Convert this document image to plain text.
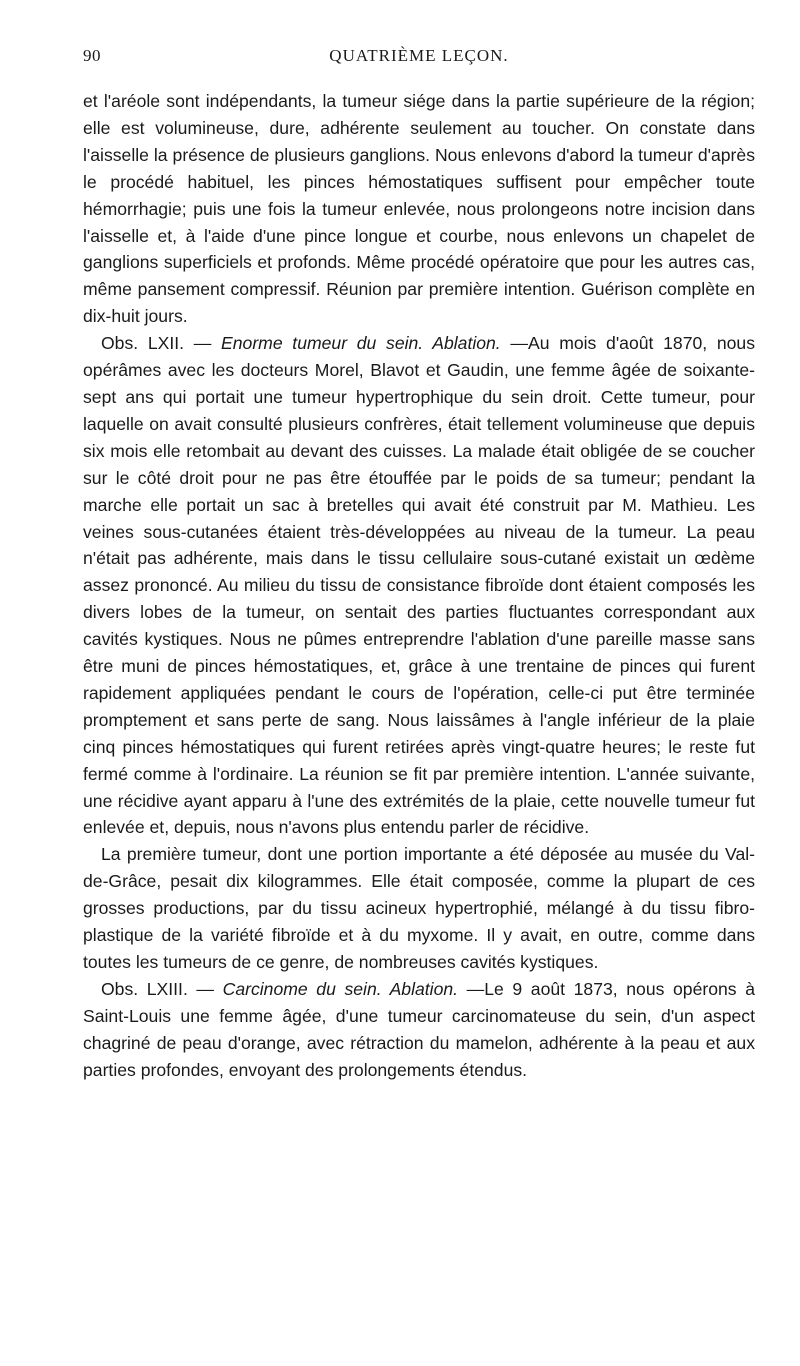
90	QUATRIÈME LEÇON.

et l'aréole sont indépendants, la tumeur siége dans la partie supérieure de la région; elle est volumineuse, dure, adhérente seulement au toucher. On constate dans l'aisselle la présence de plusieurs ganglions. Nous enlevons d'abord la tumeur d'après le procédé habituel, les pinces hémostatiques suffisent pour empêcher toute hémorrhagie; puis une fois la tumeur enlevée, nous prolongeons notre incision dans l'aisselle et, à l'aide d'une pince longue et courbe, nous enlevons un chapelet de ganglions superficiels et profonds. Même procédé opératoire que pour les autres cas, même pansement compressif. Réunion par première intention. Guérison complète en dix-huit jours.

Obs. LXII. — Enorme tumeur du sein. Ablation. —Au mois d'août 1870, nous opérâmes avec les docteurs Morel, Blavot et Gaudin, une femme âgée de soixante-sept ans qui portait une tumeur hypertrophique du sein droit. Cette tumeur, pour laquelle on avait consulté plusieurs confrères, était tellement volumineuse que depuis six mois elle retombait au devant des cuisses. La malade était obligée de se coucher sur le côté droit pour ne pas être étouffée par le poids de sa tumeur; pendant la marche elle portait un sac à bretelles qui avait été construit par M. Mathieu. Les veines sous-cutanées étaient très-développées au niveau de la tumeur. La peau n'était pas adhérente, mais dans le tissu cellulaire sous-cutané existait un œdème assez prononcé. Au milieu du tissu de consistance fibroïde dont étaient composés les divers lobes de la tumeur, on sentait des parties fluctuantes correspondant aux cavités kystiques. Nous ne pûmes entreprendre l'ablation d'une pareille masse sans être muni de pinces hémostatiques, et, grâce à une trentaine de pinces qui furent rapidement appliquées pendant le cours de l'opération, celle-ci put être terminée promptement et sans perte de sang. Nous laissâmes à l'angle inférieur de la plaie cinq pinces hémostatiques qui furent retirées après vingt-quatre heures; le reste fut fermé comme à l'ordinaire. La réunion se fit par première intention. L'année suivante, une récidive ayant apparu à l'une des extrémités de la plaie, cette nouvelle tumeur fut enlevée et, depuis, nous n'avons plus entendu parler de récidive.

La première tumeur, dont une portion importante a été déposée au musée du Val-de-Grâce, pesait dix kilogrammes. Elle était composée, comme la plupart de ces grosses productions, par du tissu acineux hypertrophié, mélangé à du tissu fibro-plastique de la variété fibroïde et à du myxome. Il y avait, en outre, comme dans toutes les tumeurs de ce genre, de nombreuses cavités kystiques.

Obs. LXIII. — Carcinome du sein. Ablation. —Le 9 août 1873, nous opérons à Saint-Louis une femme âgée, d'une tumeur carcinomateuse du sein, d'un aspect chagriné de peau d'orange, avec rétraction du mamelon, adhérente à la peau et aux parties profondes, envoyant des prolongements étendus.
